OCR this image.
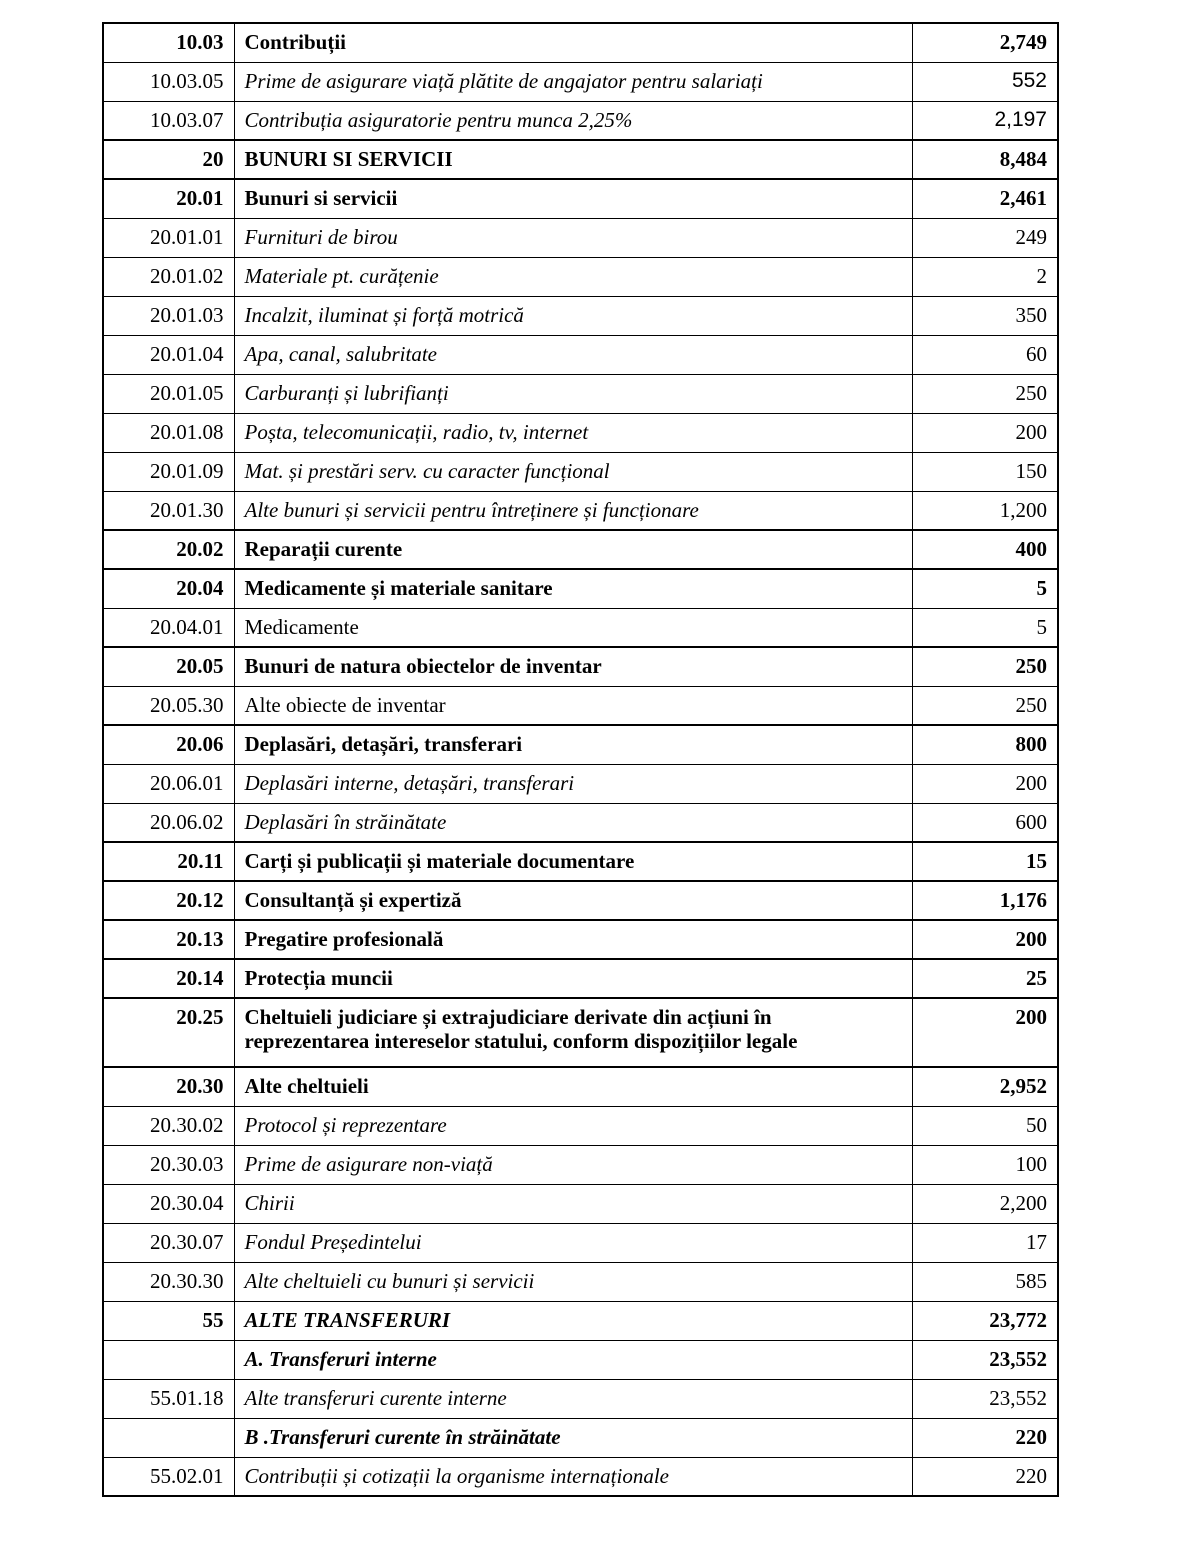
10.03	Contribuții	2,749
10.03.05	Prime de asigurare viață plătite de angajator pentru salariați	552
10.03.07	Contribuția asiguratorie pentru munca 2,25%	2,197
20	BUNURI SI SERVICII	8,484
20.01	Bunuri si servicii	2,461
20.01.01	Furnituri de birou	249
20.01.02	Materiale pt. curățenie	2
20.01.03	Incalzit, iluminat și forță motrică	350
20.01.04	Apa, canal, salubritate	60
20.01.05	Carburanți și lubrifianți	250
20.01.08	Poșta, telecomunicații, radio, tv, internet	200
20.01.09	Mat. și prestări serv. cu caracter funcțional	150
20.01.30	Alte bunuri și servicii pentru întreținere și funcționare	1,200
20.02	Reparații curente	400
20.04	Medicamente și materiale sanitare	5
20.04.01	Medicamente	5
20.05	Bunuri de natura obiectelor de inventar	250
20.05.30	Alte obiecte de inventar	250
20.06	Deplasări, detașări, transferari	800
20.06.01	Deplasări interne, detașări, transferari	200
20.06.02	Deplasări în străinătate	600
20.11	Carți și publicații și materiale documentare	15
20.12	Consultanță și expertiză	1,176
20.13	Pregatire profesională	200
20.14	Protecția muncii	25
20.25	Cheltuieli judiciare și extrajudiciare derivate din acțiuni în reprezentarea intereselor statului, conform dispozițiilor legale	200
20.30	Alte cheltuieli	2,952
20.30.02	Protocol și reprezentare	50
20.30.03	Prime de asigurare non-viață	100
20.30.04	Chirii	2,200
20.30.07	Fondul Președintelui	17
20.30.30	Alte cheltuieli cu bunuri și servicii	585
55	ALTE TRANSFERURI	23,772
	A. Transferuri interne	23,552
55.01.18	Alte transferuri curente interne	23,552
	B .Transferuri curente în străinătate	220
55.02.01	Contribuții și cotizații la organisme internaționale	220
